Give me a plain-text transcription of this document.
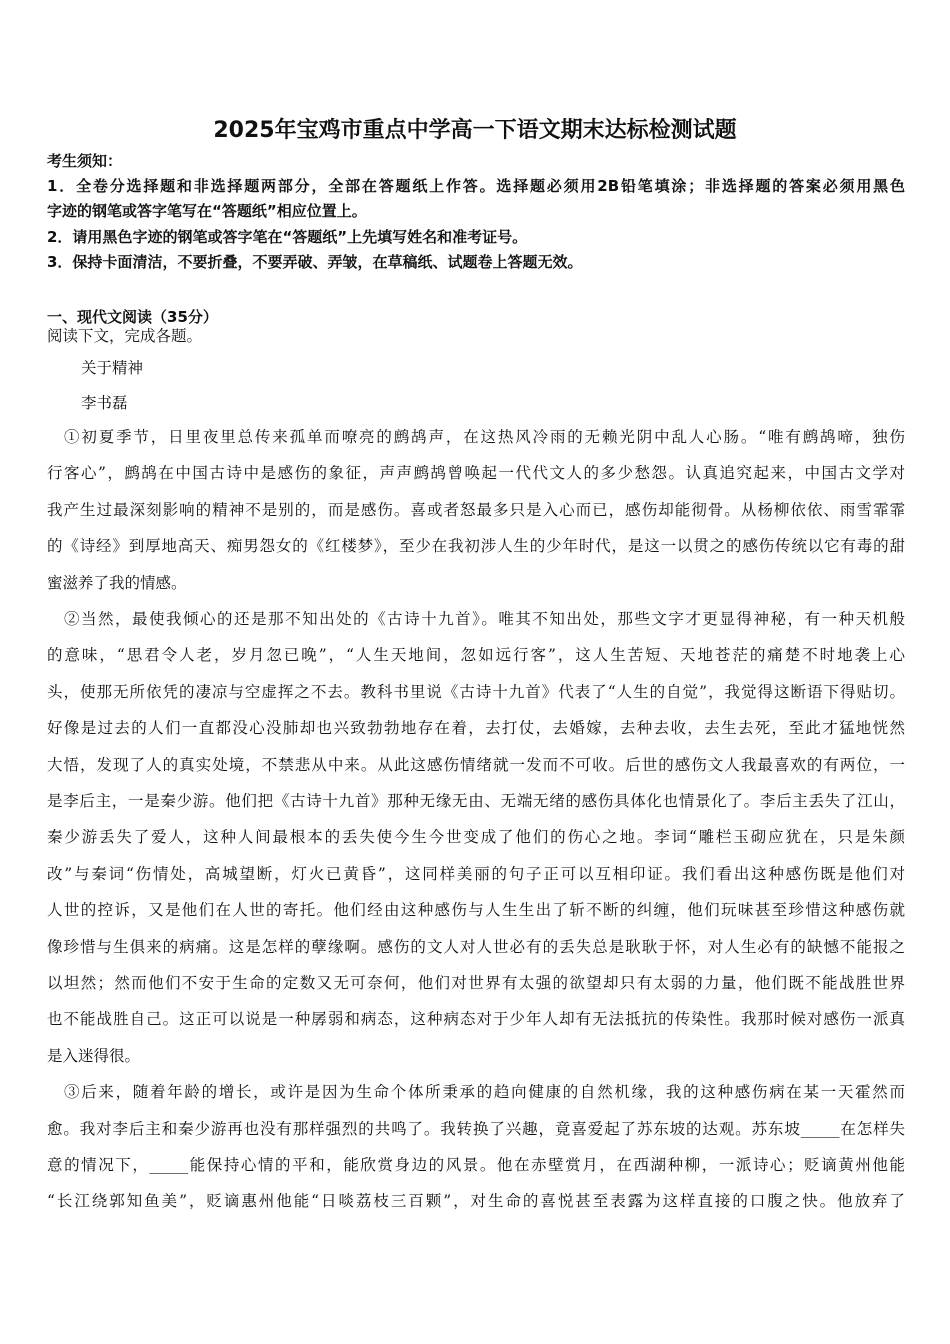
2025年宝鸡市重点中学高一下语文期末达标检测试题
考生须知：
1．全卷分选择题和非选择题两部分，全部在答题纸上作答。选择题必须用2B铅笔填涂；非选择题的答案必须用黑色
字迹的钢笔或答字笔写在“答题纸”相应位置上。
2．请用黑色字迹的钢笔或答字笔在“答题纸”上先填写姓名和准考证号。
3．保持卡面清洁，不要折叠，不要弄破、弄皱，在草稿纸、试题卷上答题无效。
一、现代文阅读（35分）
阅读下文，完成各题。
关于精神
李书磊
①初夏季节，日里夜里总传来孤单而嘹亮的鹧鸪声，在这热风冷雨的无赖光阴中乱人心肠。“唯有鹧鸪啼，独伤
行客心”，鹧鸪在中国古诗中是感伤的象征，声声鹧鸪曾唤起一代代文人的多少愁怨。认真追究起来，中国古文学对
我产生过最深刻影响的精神不是别的，而是感伤。喜或者怒最多只是入心而已，感伤却能彻骨。从杨柳依依、雨雪霏霏
的《诗经》到厚地高天、痴男怨女的《红楼梦》，至少在我初涉人生的少年时代，是这一以贯之的感伤传统以它有毒的甜
蜜滋养了我的情感。
②当然，最使我倾心的还是那不知出处的《古诗十九首》。唯其不知出处，那些文字才更显得神秘，有一种天机般
的意味，“思君令人老，岁月忽已晚”，“人生天地间，忽如远行客”，这人生苦短、天地苍茫的痛楚不时地袭上心
头，使那无所依凭的凄凉与空虚挥之不去。教科书里说《古诗十九首》代表了“人生的自觉”，我觉得这断语下得贴切。
好像是过去的人们一直都没心没肺却也兴致勃勃地存在着，去打仗，去婚嫁，去种去收，去生去死，至此才猛地恍然
大悟，发现了人的真实处境，不禁悲从中来。从此这感伤情绪就一发而不可收。后世的感伤文人我最喜欢的有两位，一
是李后主，一是秦少游。他们把《古诗十九首》那种无缘无由、无端无绪的感伤具体化也情景化了。李后主丢失了江山，
秦少游丢失了爱人，这种人间最根本的丢失使今生今世变成了他们的伤心之地。李词“雕栏玉砌应犹在，只是朱颜
改”与秦词“伤情处，高城望断，灯火已黄昏”，这同样美丽的句子正可以互相印证。我们看出这种感伤既是他们对
人世的控诉，又是他们在人世的寄托。他们经由这种感伤与人生生出了斩不断的纠缠，他们玩味甚至珍惜这种感伤就
像珍惜与生俱来的病痛。这是怎样的孽缘啊。感伤的文人对人世必有的丢失总是耿耿于怀，对人生必有的缺憾不能报之
以坦然；然而他们不安于生命的定数又无可奈何，他们对世界有太强的欲望却只有太弱的力量，他们既不能战胜世界
也不能战胜自己。这正可以说是一种孱弱和病态，这种病态对于少年人却有无法抵抗的传染性。我那时候对感伤一派真
是入迷得很。
③后来，随着年龄的增长，或许是因为生命个体所秉承的趋向健康的自然机缘，我的这种感伤病在某一天霍然而
愈。我对李后主和秦少游再也没有那样强烈的共鸣了。我转换了兴趣，竟喜爱起了苏东坡的达观。苏东坡_____在怎样失
意的情况下，_____能保持心情的平和，能欣赏身边的风景。他在赤壁赏月，在西湖种柳，一派诗心；贬谪黄州他能
“长江绕郭知鱼美”，贬谪惠州他能“日啖荔枝三百颗”，对生命的喜悦甚至表露为这样直接的口腹之快。他放弃了
